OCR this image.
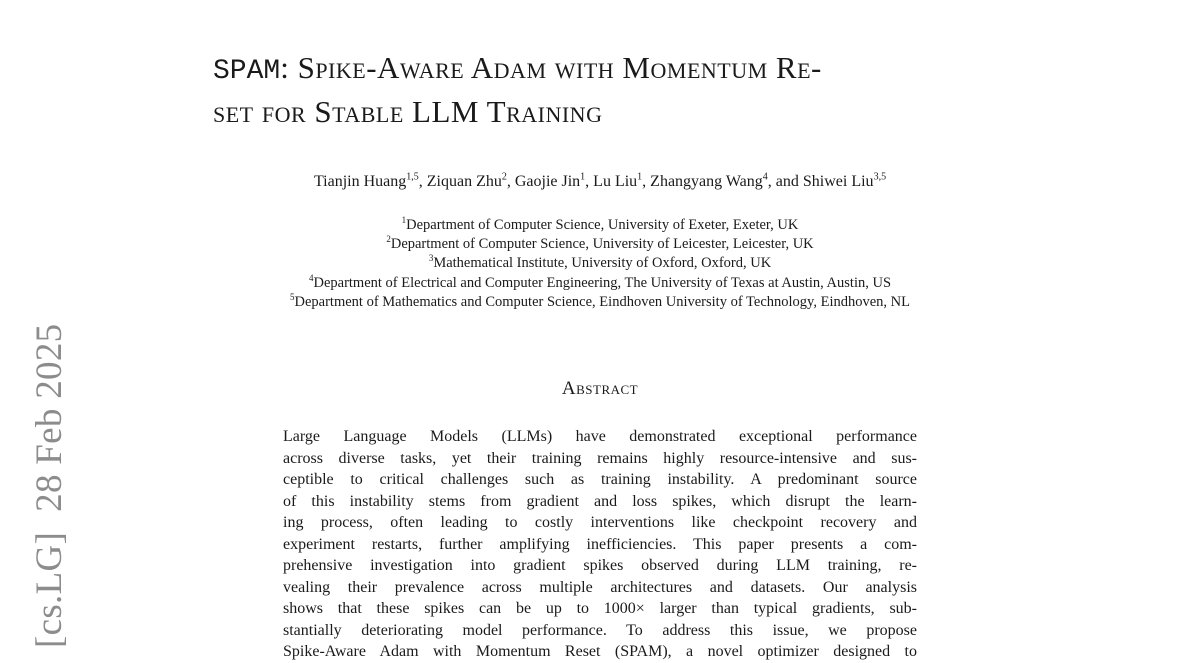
[cs.LG]28 Feb 2025
SPAM: Spike-Aware Adam with Momentum Re-
set for Stable LLM Training
Tianjin Huang$^{1,5}$, Ziquan Zhu$^2$, Gaojie Jin$^1$, Lu Liu$^1$, Zhangyang Wang$^4$, and Shiwei Liu$^{3,5}$
$^1$Department of Computer Science, University of Exeter, Exeter, UK
$^2$Department of Computer Science, University of Leicester, Leicester, UK
$^3$Mathematical Institute, University of Oxford, Oxford, UK
$^4$Department of Electrical and Computer Engineering, The University of Texas at Austin, Austin, US
$^5$Department of Mathematics and Computer Science, Eindhoven University of Technology, Eindhoven, NL
Abstract
Large Language Models (LLMs) have demonstrated exceptional performance
across diverse tasks, yet their training remains highly resource-intensive and sus-
ceptible to critical challenges such as training instability. A predominant source
of this instability stems from gradient and loss spikes, which disrupt the learn-
ing process, often leading to costly interventions like checkpoint recovery and
experiment restarts, further amplifying inefficiencies. This paper presents a com-
prehensive investigation into gradient spikes observed during LLM training, re-
vealing their prevalence across multiple architectures and datasets. Our analysis
shows that these spikes can be up to 1000× larger than typical gradients, sub-
stantially deteriorating model performance. To address this issue, we propose
Spike-Aware Adam with Momentum Reset (SPAM), a novel optimizer designed to
